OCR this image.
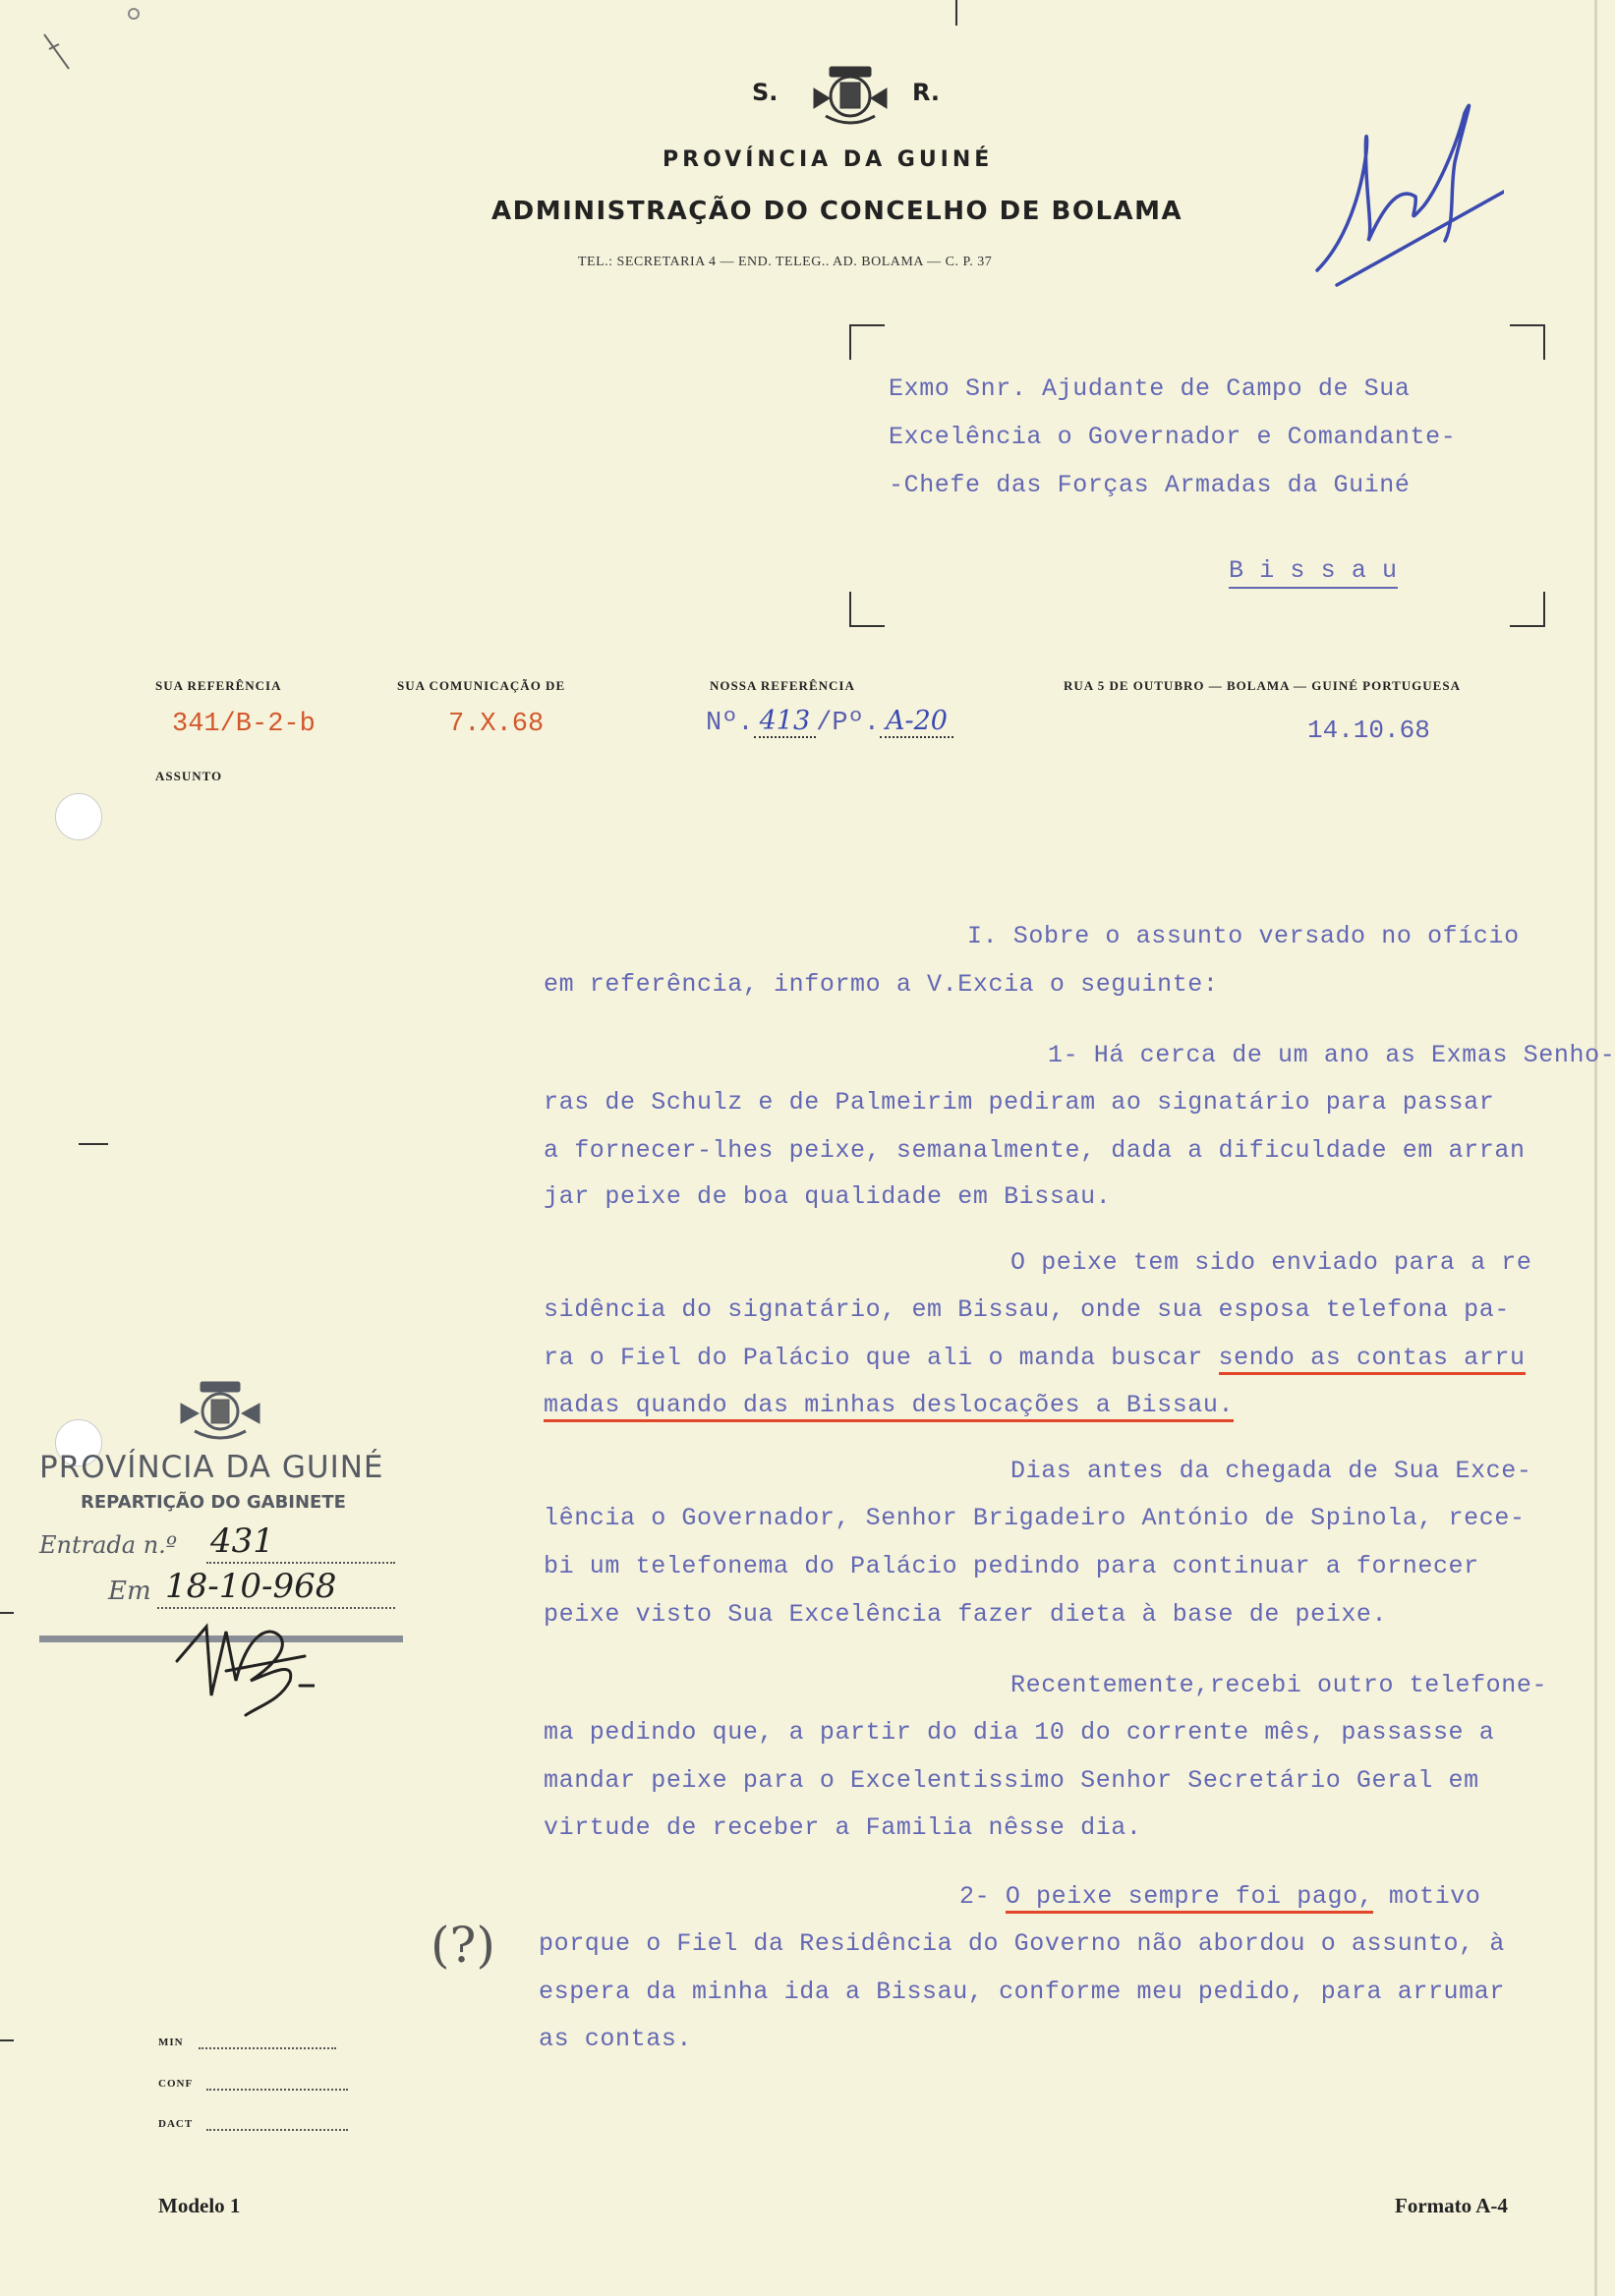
S.	R.
PROVÍNCIA DA GUINÉ
ADMINISTRAÇÃO DO CONCELHO DE BOLAMA
TEL.: SECRETARIA 4 — END. TELEG.. AD. BOLAMA — C. P. 37
Exmo Snr. Ajudante de Campo de Sua
Excelência o Governador e Comandante-
-Chefe das Forças Armadas da Guiné
B i s s a u
SUA REFERÊNCIA
341/B-2-b
SUA COMUNICAÇÃO DE
7.X.68
NOSSA REFERÊNCIA
Nº. 413 /Pº. A-20
RUA 5 DE OUTUBRO — BOLAMA — GUINÉ PORTUGUESA
14.10.68
ASSUNTO
I. Sobre o assunto versado no ofício
em referência, informo a V.Excia o seguinte:
1- Há cerca de um ano as Exmas Senho-
ras de Schulz e de Palmeirim pediram ao signatário para passar
a fornecer-lhes peixe, semanalmente, dada a dificuldade em arran
jar peixe de boa qualidade em Bissau.
O peixe tem sido enviado para a re
sidência do signatário, em Bissau, onde sua esposa telefona pa-
ra o Fiel do Palácio que ali o manda buscar sendo as contas arru
madas quando das minhas deslocações a Bissau.
Dias antes da chegada de Sua Exce-
lência o Governador, Senhor Brigadeiro António de Spinola, rece-
bi um telefonema do Palácio pedindo para continuar a fornecer
peixe visto Sua Excelência fazer dieta à base de peixe.
Recentemente,recebi outro telefone-
ma pedindo que, a partir do dia 10 do corrente mês, passasse a
mandar peixe para o Excelentissimo Senhor Secretário Geral em
virtude de receber a Familia nêsse dia.
2- O peixe sempre foi pago, motivo
porque o Fiel da Residência do Governo não abordou o assunto, à
espera da minha ida a Bissau, conforme meu pedido, para arrumar
as contas.
(?)
PROVÍNCIA DA GUINÉ
REPARTIÇÃO DO GABINETE
Entrada n.º 431
Em 18-10-968
MIN
CONF
DACT
Modelo 1	Formato A-4
